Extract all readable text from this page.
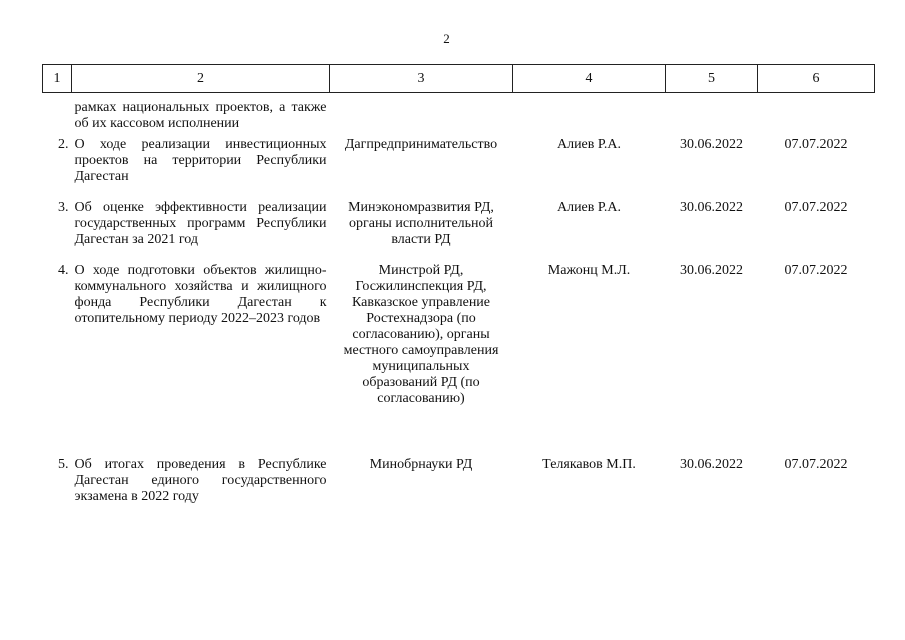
2
1	2	3	4	5	6
	рамках национальных проектов, а также об их кассовом исполнении				
2.	О ходе реализации инвестиционных проектов на территории Республики Дагестан	Дагпредпринимательство	Алиев Р.А.	30.06.2022	07.07.2022
3.	Об оценке эффективности реализации государственных программ Республики Дагестан за 2021 год	Минэкономразвития РД, органы исполнительной власти РД	Алиев Р.А.	30.06.2022	07.07.2022
4.	О ходе подготовки объектов жилищно-коммунального хозяйства и жилищного фонда Республики Дагестан к отопительному периоду 2022–2023 годов	Минстрой РД, Госжилинспекция РД, Кавказское управление Ростехнадзора (по согласованию), органы местного самоуправления муниципальных образований РД (по согласованию)	Мажонц М.Л.	30.06.2022	07.07.2022
5.	Об итогах проведения в Республике Дагестан единого государственного экзамена в 2022 году	Минобрнауки РД	Телякавов М.П.	30.06.2022	07.07.2022
